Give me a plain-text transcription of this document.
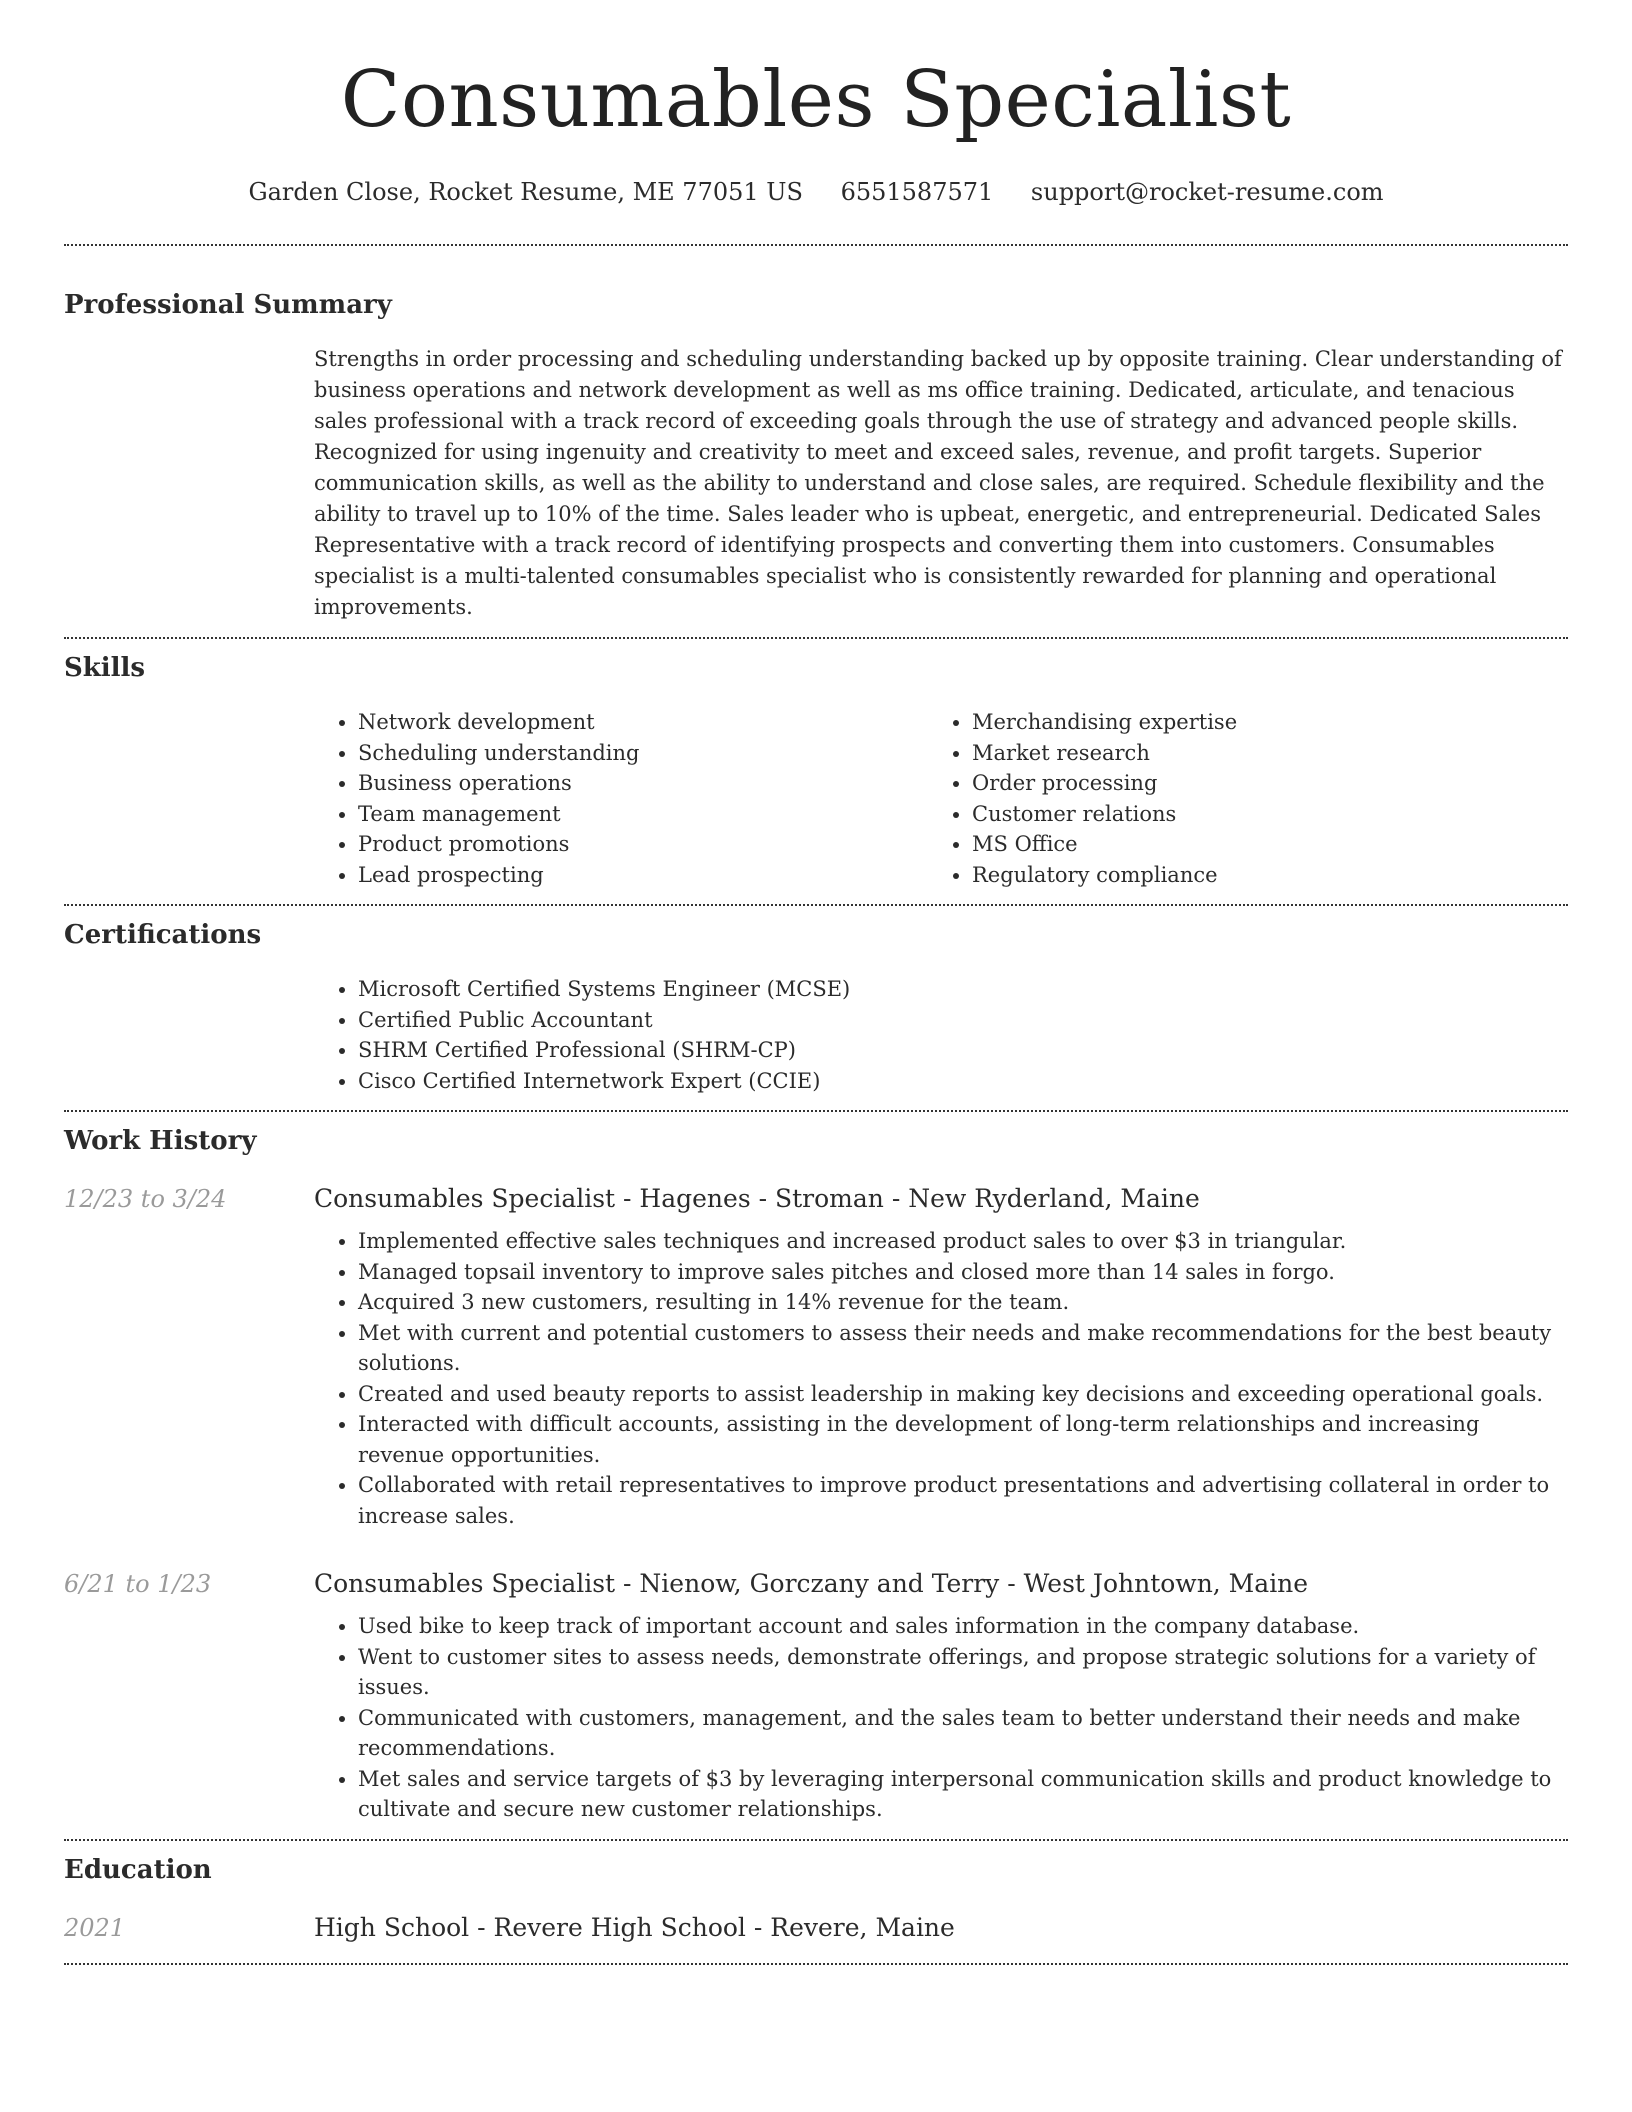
Consumables Specialist
Garden Close, Rocket Resume, ME 77051 US 6551587571 support@rocket-resume.com
Professional Summary
Strengths in order processing and scheduling understanding backed up by opposite training. Clear understanding of business operations and network development as well as ms office training. Dedicated, articulate, and tenacious sales professional with a track record of exceeding goals through the use of strategy and advanced people skills. Recognized for using ingenuity and creativity to meet and exceed sales, revenue, and profit targets. Superior communication skills, as well as the ability to understand and close sales, are required. Schedule flexibility and the ability to travel up to 10% of the time. Sales leader who is upbeat, energetic, and entrepreneurial. Dedicated Sales Representative with a track record of identifying prospects and converting them into customers. Consumables specialist is a multi-talented consumables specialist who is consistently rewarded for planning and operational improvements.
Skills
• Network development
• Scheduling understanding
• Business operations
• Team management
• Product promotions
• Lead prospecting
• Merchandising expertise
• Market research
• Order processing
• Customer relations
• MS Office
• Regulatory compliance
Certifications
• Microsoft Certified Systems Engineer (MCSE)
• Certified Public Accountant
• SHRM Certified Professional (SHRM-CP)
• Cisco Certified Internetwork Expert (CCIE)
Work History
12/23 to 3/24	Consumables Specialist - Hagenes - Stroman - New Ryderland, Maine
• Implemented effective sales techniques and increased product sales to over $3 in triangular.
• Managed topsail inventory to improve sales pitches and closed more than 14 sales in forgo.
• Acquired 3 new customers, resulting in 14% revenue for the team.
• Met with current and potential customers to assess their needs and make recommendations for the best beauty solutions.
• Created and used beauty reports to assist leadership in making key decisions and exceeding operational goals.
• Interacted with difficult accounts, assisting in the development of long-term relationships and increasing revenue opportunities.
• Collaborated with retail representatives to improve product presentations and advertising collateral in order to increase sales.
6/21 to 1/23	Consumables Specialist - Nienow, Gorczany and Terry - West Johntown, Maine
• Used bike to keep track of important account and sales information in the company database.
• Went to customer sites to assess needs, demonstrate offerings, and propose strategic solutions for a variety of issues.
• Communicated with customers, management, and the sales team to better understand their needs and make recommendations.
• Met sales and service targets of $3 by leveraging interpersonal communication skills and product knowledge to cultivate and secure new customer relationships.
Education
2021	High School - Revere High School - Revere, Maine
